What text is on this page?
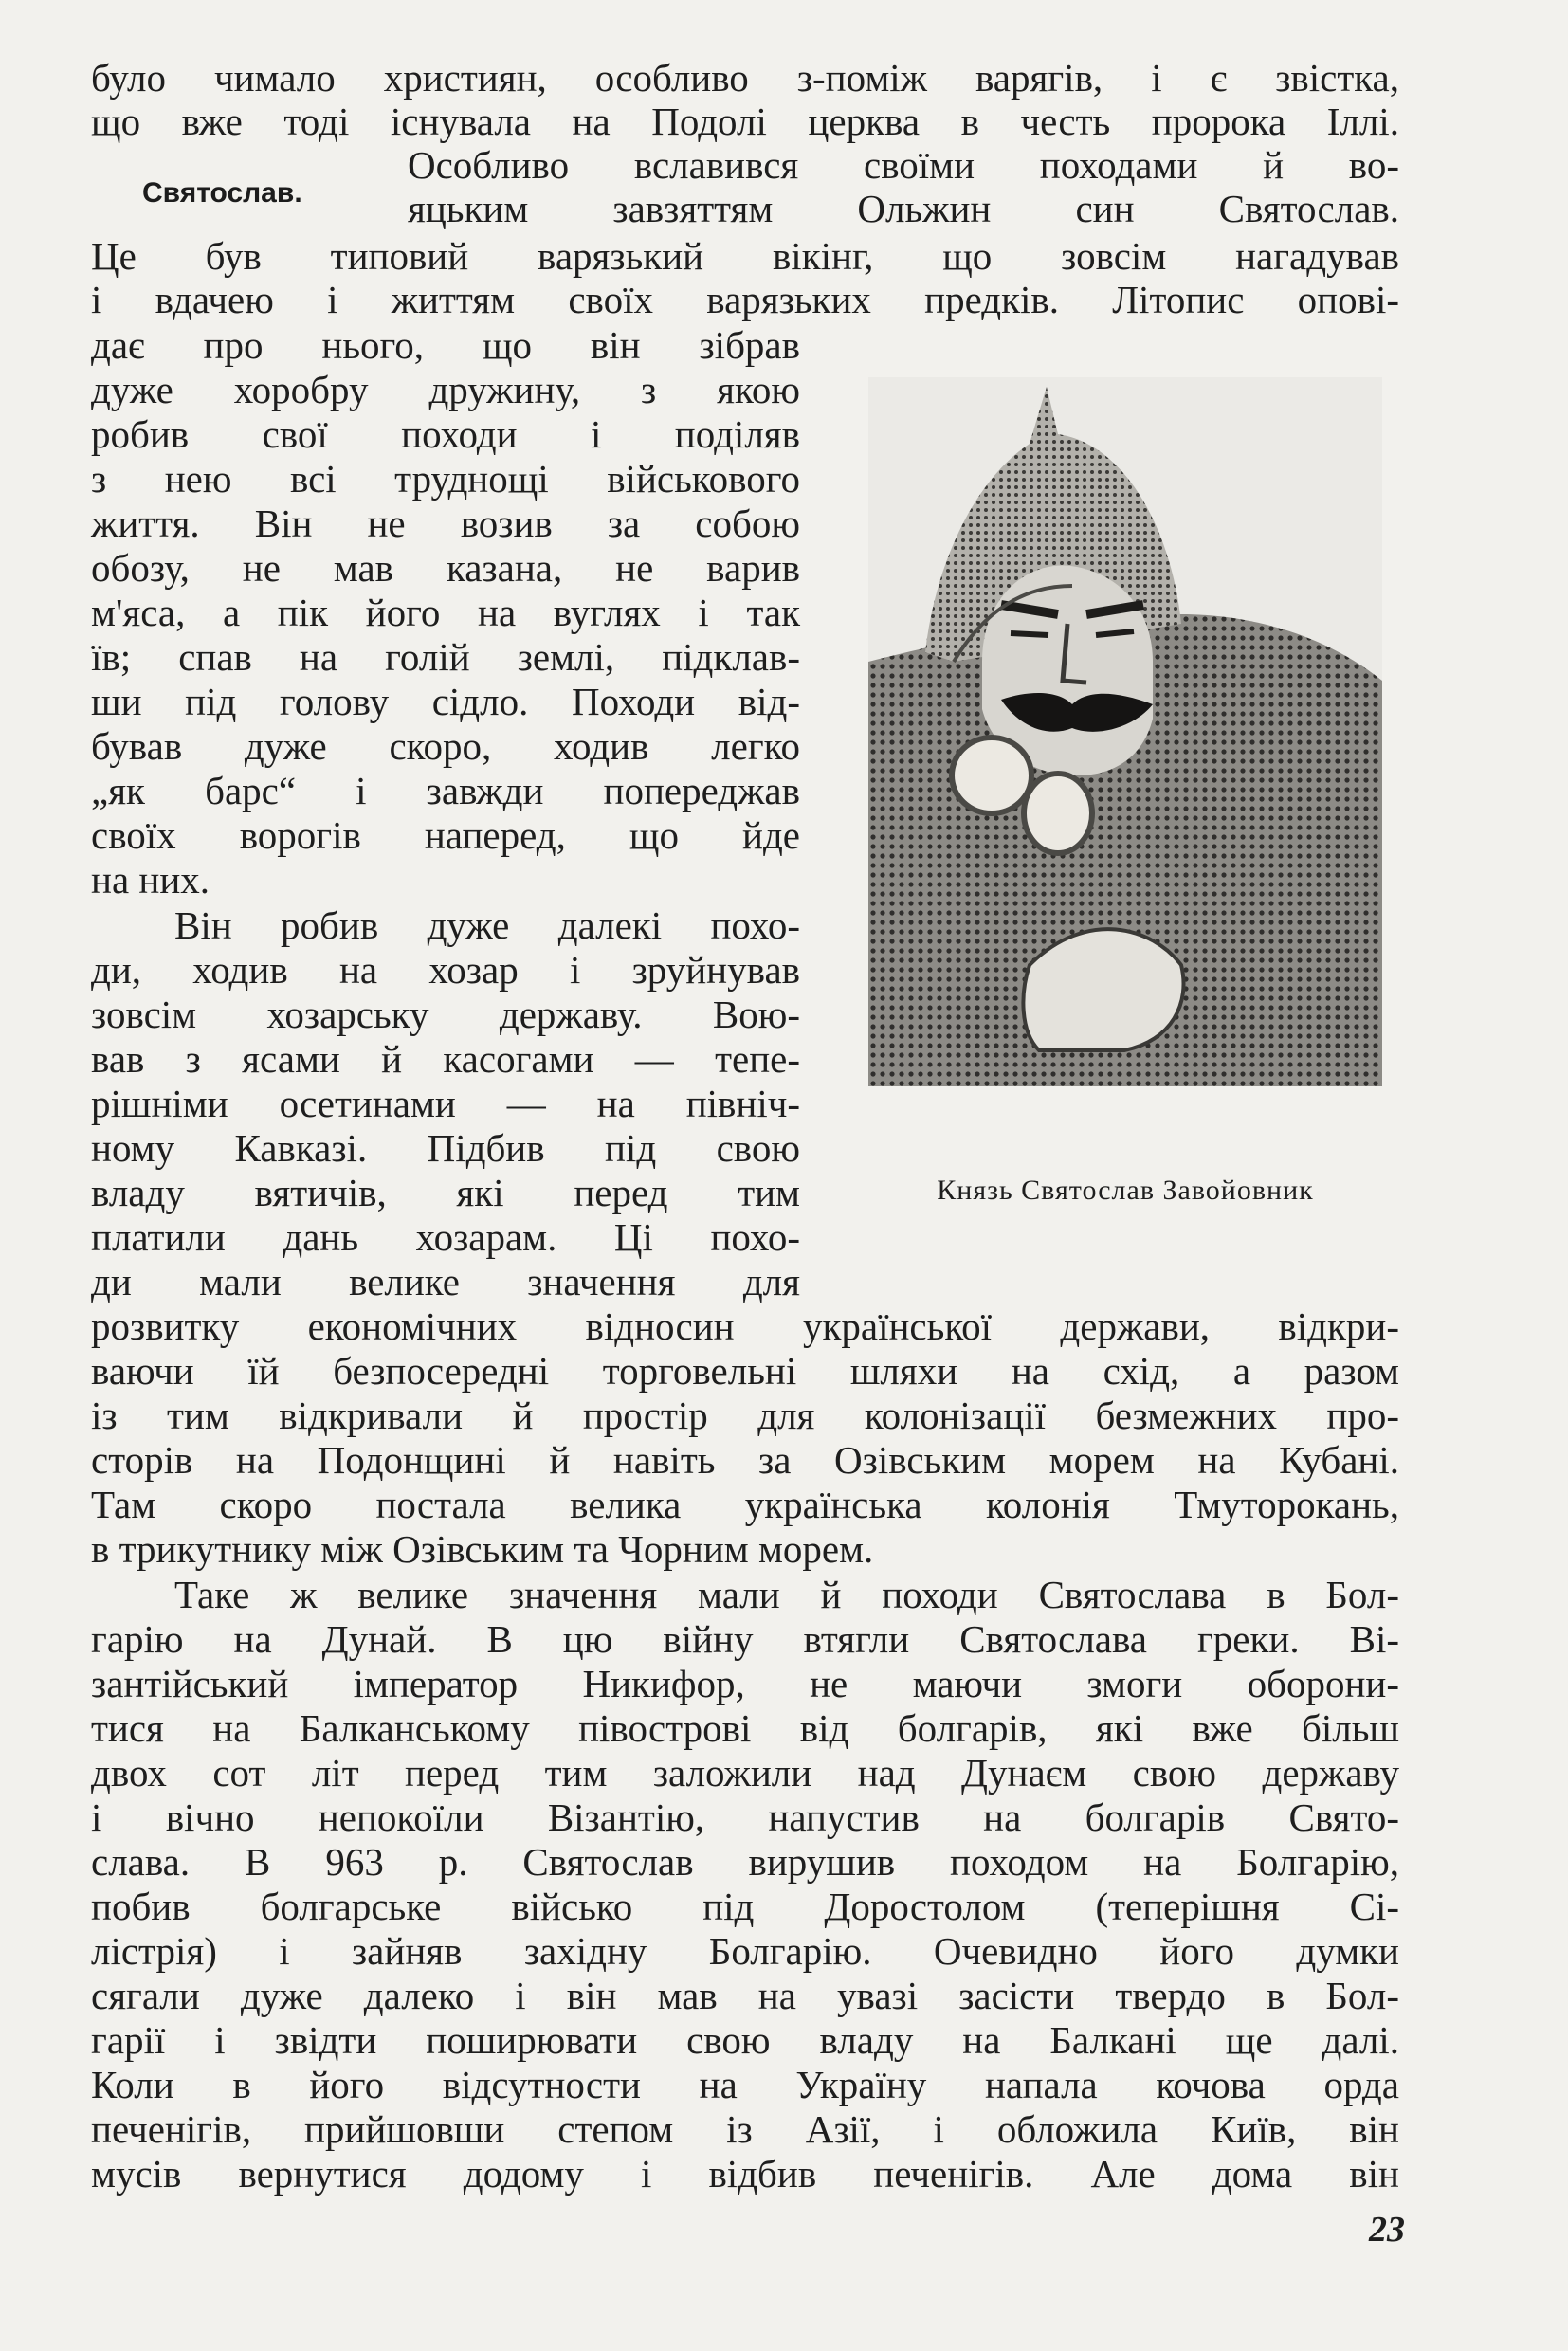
було чимало християн, особливо з-поміж варягів, і є звістка,
що вже тоді існувала на Подолі церква в честь пророка Іллі.
Святослав.
Особливо вславився своїми походами й во-
яцьким завзяттям Ольжин син Святослав.
Це був типовий варязький вікінг, що зовсім нагадував
і вдачею і життям своїх варязьких предків. Літопис опові-
дає про нього, що він зібрав
дуже хоробру дружину, з якою
робив свої походи і поділяв
з нею всі труднощі військового
життя. Він не возив за собою
обозу, не мав казана, не варив
м'яса, а пік його на вуглях і так
їв; спав на голій землі, підклав-
ши під голову сідло. Походи від-
бував дуже скоро, ходив легко
„як барс“ і завжди попереджав
своїх ворогів наперед, що йде
на них.
Він робив дуже далекі похо-
ди, ходив на хозар і зруйнував
зовсім хозарську державу. Вою-
вав з ясами й касогами — тепе-
рішніми осетинами — на північ-
ному Кавказі. Підбив під свою
владу вятичів, які перед тим
платили дань хозарам. Ці похо-
ди мали велике значення для
Князь Святослав Завойовник
розвитку економічних відносин української держави, відкри-
ваючи їй безпосередні торговельні шляхи на схід, а разом
із тим відкривали й простір для колонізації безмежних про-
сторів на Подонщині й навіть за Озівським морем на Кубані.
Там скоро постала велика українська колонія Тмуторокань,
в трикутнику між Озівським та Чорним морем.
Таке ж велике значення мали й походи Святослава в Бол-
гарію на Дунай. В цю війну втягли Святослава греки. Ві-
зантійський імператор Никифор, не маючи змоги оборони-
тися на Балканському півострові від болгарів, які вже більш
двох сот літ перед тим заложили над Дунаєм свою державу
і вічно непокоїли Візантію, напустив на болгарів Свято-
слава. В 963 р. Святослав вирушив походом на Болгарію,
побив болгарське військо під Доростолом (теперішня Сі-
лістрія) і зайняв західну Болгарію. Очевидно його думки
сягали дуже далеко і він мав на увазі засісти твердо в Бол-
гарії і звідти поширювати свою владу на Балкані ще далі.
Коли в його відсутности на Україну напала кочова орда
печенігів, прийшовши степом із Азії, і обложила Київ, він
мусів вернутися додому і відбив печенігів. Але дома він
23
